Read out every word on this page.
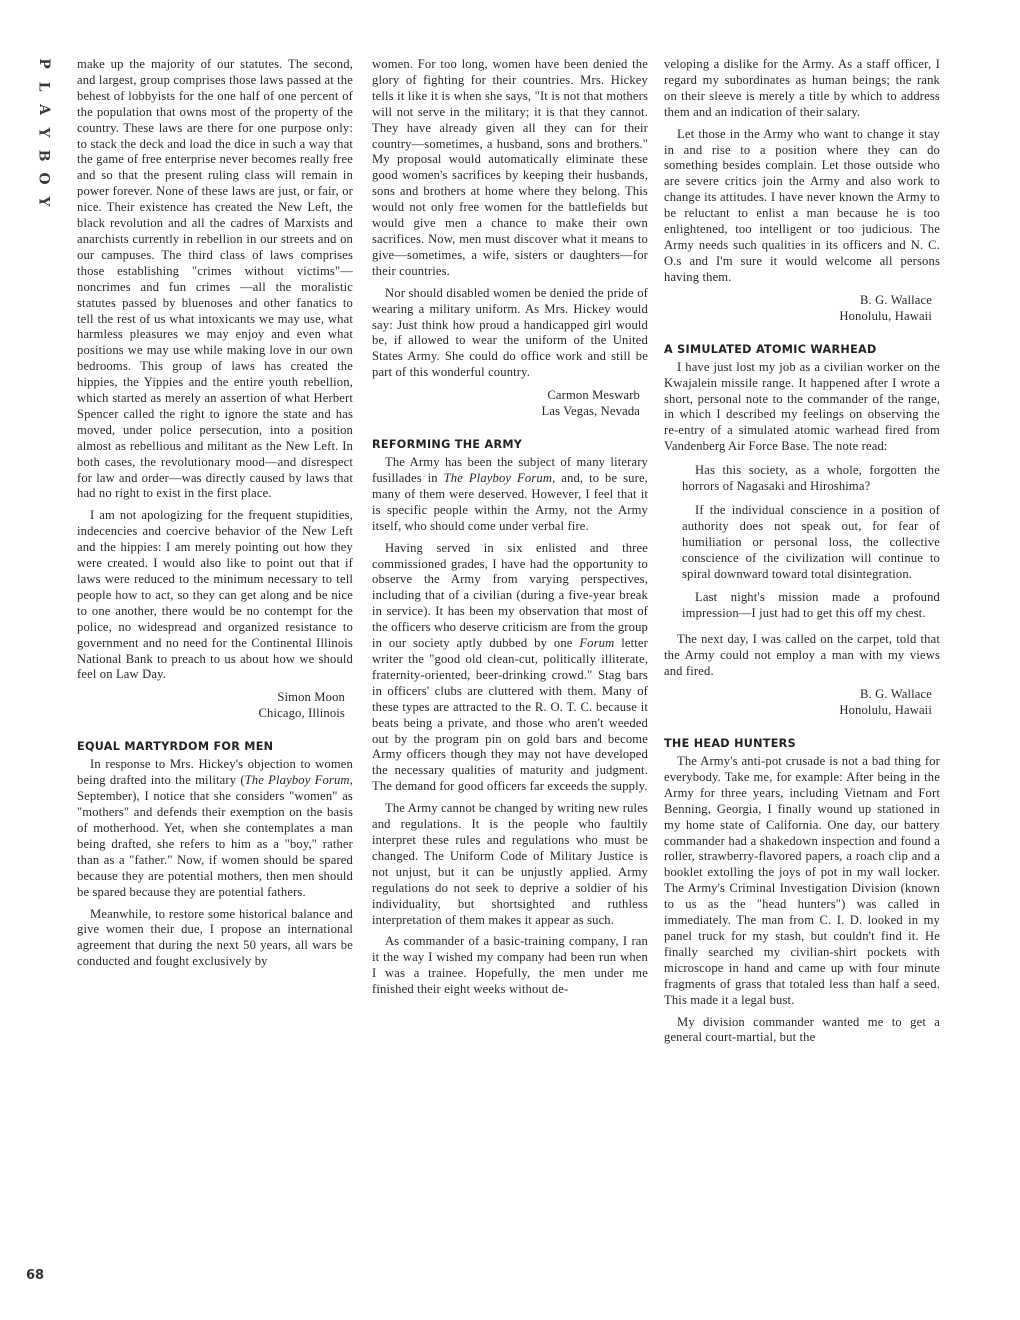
P
L
A
Y
B
O
Y
68

make up the majority of our statutes. The second, and largest, group comprises those laws passed at the behest of lobbyists for the one half of one percent of the population that owns most of the property of the country. These laws are there for one purpose only: to stack the deck and load the dice in such a way that the game of free enterprise never becomes really free and so that the present ruling class will remain in power forever. None of these laws are just, or fair, or nice. Their existence has created the New Left, the black revolution and all the cadres of Marxists and anarchists currently in rebellion in our streets and on our campuses. The third class of laws comprises those establishing "crimes without victims"—noncrimes and fun crimes —all the moralistic statutes passed by bluenoses and other fanatics to tell the rest of us what intoxicants we may use, what harmless pleasures we may enjoy and even what positions we may use while making love in our own bedrooms. This group of laws has created the hippies, the Yippies and the entire youth rebellion, which started as merely an assertion of what Herbert Spencer called the right to ignore the state and has moved, under police persecution, into a position almost as rebellious and militant as the New Left. In both cases, the revolutionary mood—and disrespect for law and order—was directly caused by laws that had no right to exist in the first place.

I am not apologizing for the frequent stupidities, indecencies and coercive behavior of the New Left and the hippies: I am merely pointing out how they were created. I would also like to point out that if laws were reduced to the minimum necessary to tell people how to act, so they can get along and be nice to one another, there would be no contempt for the police, no widespread and organized resistance to government and no need for the Continental Illinois National Bank to preach to us about how we should feel on Law Day.

Simon Moon

Chicago, Illinois

EQUAL MARTYRDOM FOR MEN

In response to Mrs. Hickey's objection to women being drafted into the military (The Playboy Forum, September), I notice that she considers "women" as "mothers" and defends their exemption on the basis of motherhood. Yet, when she contemplates a man being drafted, she refers to him as a "boy," rather than as a "father." Now, if women should be spared because they are potential mothers, then men should be spared because they are potential fathers.

Meanwhile, to restore some historical balance and give women their due, I propose an international agreement that during the next 50 years, all wars be conducted and fought exclusively by

women. For too long, women have been denied the glory of fighting for their countries. Mrs. Hickey tells it like it is when she says, "It is not that mothers will not serve in the military; it is that they cannot. They have already given all they can for their country—sometimes, a husband, sons and brothers." My proposal would automatically eliminate these good women's sacrifices by keeping their husbands, sons and brothers at home where they belong. This would not only free women for the battlefields but would give men a chance to make their own sacrifices. Now, men must discover what it means to give—sometimes, a wife, sisters or daughters—for their countries.

Nor should disabled women be denied the pride of wearing a military uniform. As Mrs. Hickey would say: Just think how proud a handicapped girl would be, if allowed to wear the uniform of the United States Army. She could do office work and still be part of this wonderful country.

Carmon Meswarb

Las Vegas, Nevada

REFORMING THE ARMY

The Army has been the subject of many literary fusillades in The Playboy Forum, and, to be sure, many of them were deserved. However, I feel that it is specific people within the Army, not the Army itself, who should come under verbal fire.

Having served in six enlisted and three commissioned grades, I have had the opportunity to observe the Army from varying perspectives, including that of a civilian (during a five-year break in service). It has been my observation that most of the officers who deserve criticism are from the group in our society aptly dubbed by one Forum letter writer the "good old clean-cut, politically illiterate, fraternity-oriented, beer-drinking crowd." Stag bars in officers' clubs are cluttered with them. Many of these types are attracted to the R. O. T. C. because it beats being a private, and those who aren't weeded out by the program pin on gold bars and become Army officers though they may not have developed the necessary qualities of maturity and judgment. The demand for good officers far exceeds the supply.

The Army cannot be changed by writing new rules and regulations. It is the people who faultily interpret these rules and regulations who must be changed. The Uniform Code of Military Justice is not unjust, but it can be unjustly applied. Army regulations do not seek to deprive a soldier of his individuality, but shortsighted and ruthless interpretation of them makes it appear as such.

As commander of a basic-training company, I ran it the way I wished my company had been run when I was a trainee. Hopefully, the men under me finished their eight weeks without de-

veloping a dislike for the Army. As a staff officer, I regard my subordinates as human beings; the rank on their sleeve is merely a title by which to address them and an indication of their salary.

Let those in the Army who want to change it stay in and rise to a position where they can do something besides complain. Let those outside who are severe critics join the Army and also work to change its attitudes. I have never known the Army to be reluctant to enlist a man because he is too enlightened, too intelligent or too judicious. The Army needs such qualities in its officers and N. C. O.s and I'm sure it would welcome all persons having them.

B. G. Wallace

Honolulu, Hawaii

A SIMULATED ATOMIC WARHEAD

I have just lost my job as a civilian worker on the Kwajalein missile range. It happened after I wrote a short, personal note to the commander of the range, in which I described my feelings on observing the re-entry of a simulated atomic warhead fired from Vandenberg Air Force Base. The note read:

Has this society, as a whole, forgotten the horrors of Nagasaki and Hiroshima?

If the individual conscience in a position of authority does not speak out, for fear of humiliation or personal loss, the collective conscience of the civilization will continue to spiral downward toward total disintegration.

Last night's mission made a profound impression—I just had to get this off my chest.

The next day, I was called on the carpet, told that the Army could not employ a man with my views and fired.

B. G. Wallace

Honolulu, Hawaii

THE HEAD HUNTERS

The Army's anti-pot crusade is not a bad thing for everybody. Take me, for example: After being in the Army for three years, including Vietnam and Fort Benning, Georgia, I finally wound up stationed in my home state of California. One day, our battery commander had a shakedown inspection and found a roller, strawberry-flavored papers, a roach clip and a booklet extolling the joys of pot in my wall locker. The Army's Criminal Investigation Division (known to us as the "head hunters") was called in immediately. The man from C. I. D. looked in my panel truck for my stash, but couldn't find it. He finally searched my civilian-shirt pockets with microscope in hand and came up with four minute fragments of grass that totaled less than half a seed. This made it a legal bust.

My division commander wanted me to get a general court-martial, but the
